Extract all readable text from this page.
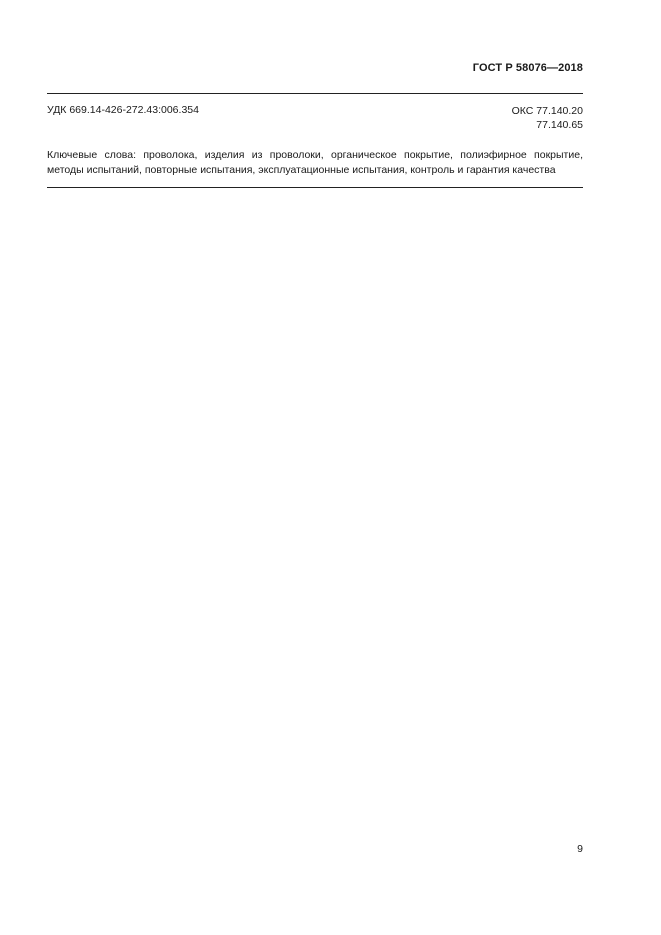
ГОСТ Р 58076—2018
УДК 669.14-426-272.43:006.354	ОКС 77.140.20
77.140.65
Ключевые слова: проволока, изделия из проволоки, органическое покрытие, полиэфирное покрытие, методы испытаний, повторные испытания, эксплуатационные испытания, контроль и гарантия качества
9
